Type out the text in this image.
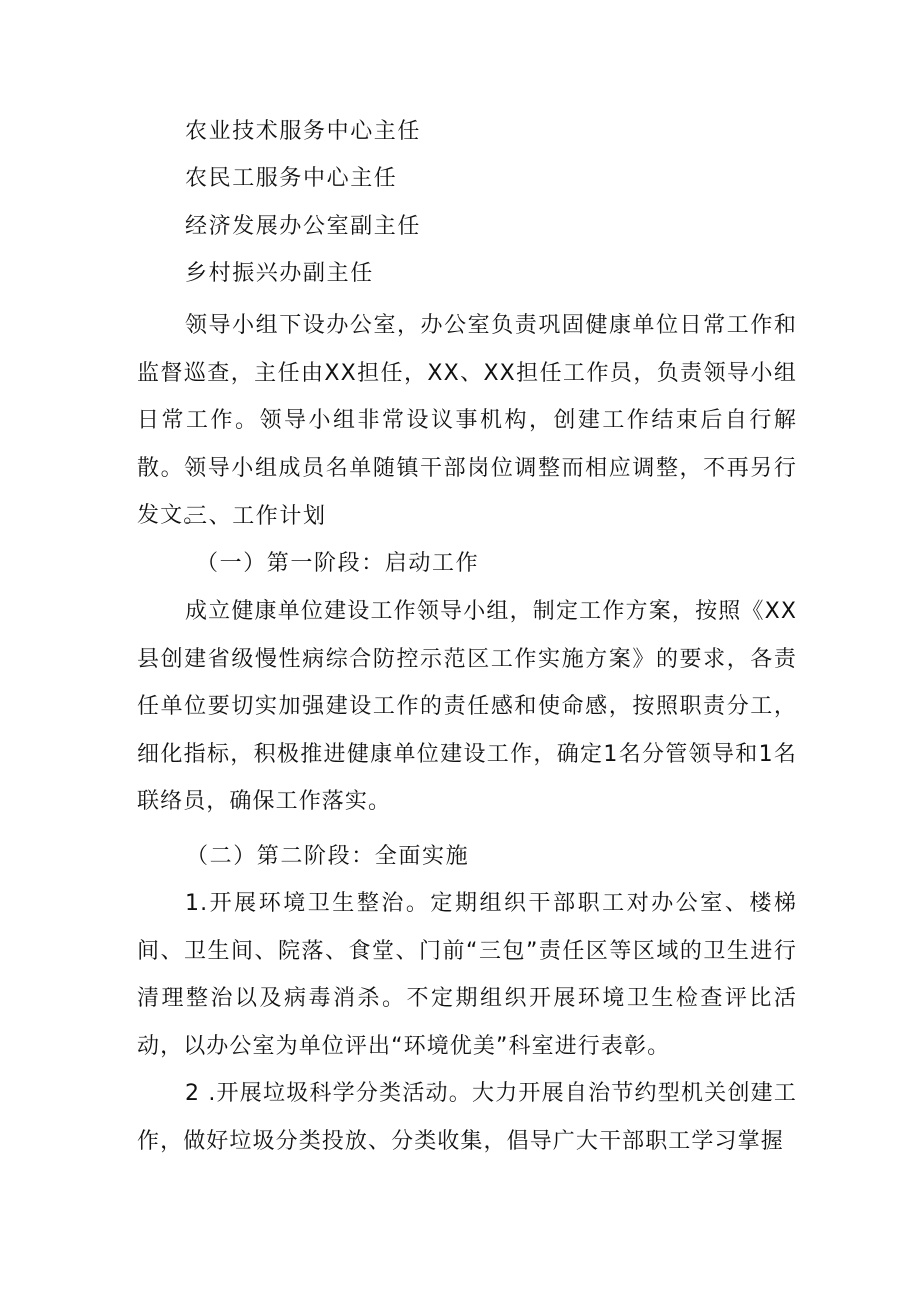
农业技术服务中心主任
农民工服务中心主任
经济发展办公室副主任
乡村振兴办副主任
领导小组下设办公室，办公室负责巩固健康单位日常工作和监督巡查，主任由XX担任，XX、XX担任工作员，负责领导小组日常工作。领导小组非常设议事机构，创建工作结束后自行解散。领导小组成员名单随镇干部岗位调整而相应调整，不再另行发文。
三、工作计划
（一）第一阶段：启动工作
成立健康单位建设工作领导小组，制定工作方案，按照《XX县创建省级慢性病综合防控示范区工作实施方案》的要求，各责任单位要切实加强建设工作的责任感和使命感，按照职责分工，细化指标，积极推进健康单位建设工作，确定1名分管领导和1名联络员，确保工作落实。
（二）第二阶段：全面实施
1.开展环境卫生整治。定期组织干部职工对办公室、楼梯间、卫生间、院落、食堂、门前“三包”责任区等区域的卫生进行清理整治以及病毒消杀。不定期组织开展环境卫生检查评比活动，以办公室为单位评出“环境优美”科室进行表彰。
2 .开展垃圾科学分类活动。大力开展自治节约型机关创建工作，做好垃圾分类投放、分类收集，倡导广大干部职工学习掌握
